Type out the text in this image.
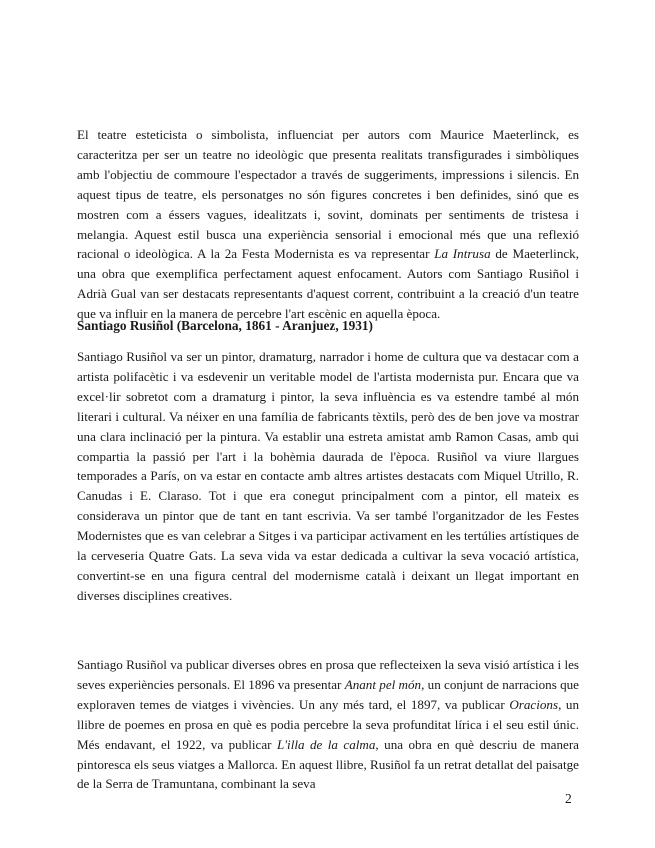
El teatre esteticista o simbolista, influenciat per autors com Maurice Maeterlinck, es caracteritza per ser un teatre no ideològic que presenta realitats transfigurades i simbòliques amb l'objectiu de commoure l'espectador a través de suggeriments, impressions i silencis. En aquest tipus de teatre, els personatges no són figures concretes i ben definides, sinó que es mostren com a éssers vagues, idealitzats i, sovint, dominats per sentiments de tristesa i melangia. Aquest estil busca una experiència sensorial i emocional més que una reflexió racional o ideològica. A la 2a Festa Modernista es va representar La Intrusa de Maeterlinck, una obra que exemplifica perfectament aquest enfocament. Autors com Santiago Rusiñol i Adrià Gual van ser destacats representants d'aquest corrent, contribuint a la creació d'un teatre que va influir en la manera de percebre l'art escènic en aquella època.

Santiago Rusiñol (Barcelona, 1861 - Aranjuez, 1931)

Santiago Rusiñol va ser un pintor, dramaturg, narrador i home de cultura que va destacar com a artista polifacètic i va esdevenir un veritable model de l'artista modernista pur. Encara que va excel·lir sobretot com a dramaturg i pintor, la seva influència es va estendre també al món literari i cultural. Va néixer en una família de fabricants tèxtils, però des de ben jove va mostrar una clara inclinació per la pintura. Va establir una estreta amistat amb Ramon Casas, amb qui compartia la passió per l'art i la bohèmia daurada de l'època. Rusiñol va viure llargues temporades a París, on va estar en contacte amb altres artistes destacats com Miquel Utrillo, R. Canudas i E. Claraso. Tot i que era conegut principalment com a pintor, ell mateix es considerava un pintor que de tant en tant escrivia. Va ser també l'organitzador de les Festes Modernistes que es van celebrar a Sitges i va participar activament en les tertúlies artístiques de la cerveseria Quatre Gats. La seva vida va estar dedicada a cultivar la seva vocació artística, convertint-se en una figura central del modernisme català i deixant un llegat important en diverses disciplines creatives.

Santiago Rusiñol va publicar diverses obres en prosa que reflecteixen la seva visió artística i les seves experiències personals. El 1896 va presentar Anant pel món, un conjunt de narracions que exploraven temes de viatges i vivències. Un any més tard, el 1897, va publicar Oracions, un llibre de poemes en prosa en què es podia percebre la seva profunditat lírica i el seu estil únic. Més endavant, el 1922, va publicar L'illa de la calma, una obra en què descriu de manera pintoresca els seus viatges a Mallorca. En aquest llibre, Rusiñol fa un retrat detallat del paisatge de la Serra de Tramuntana, combinant la seva

2
